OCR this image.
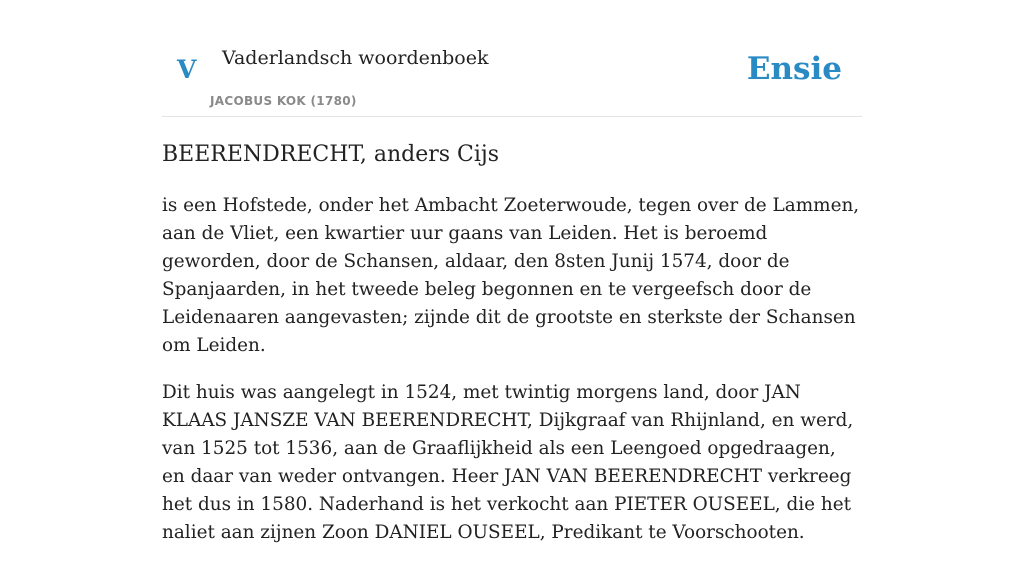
V Vaderlandsch woordenboek
JACOBUS KOK (1780)
Ensie
BEERENDRECHT, anders Cijs

is een Hofstede, onder het Ambacht Zoeterwoude, tegen over de Lammen, aan de Vliet, een kwartier uur gaans van Leiden. Het is beroemd geworden, door de Schansen, aldaar, den 8sten Junij 1574, door de Spanjaarden, in het tweede beleg begonnen en te vergeefsch door de Leidenaaren aangevasten; zijnde dit de grootste en sterkste der Schansen om Leiden.

Dit huis was aangelegt in 1524, met twintig morgens land, door JAN KLAAS JANSZE VAN BEERENDRECHT, Dijkgraaf van Rhijnland, en werd, van 1525 tot 1536, aan de Graaflijkheid als een Leengoed opgedraagen, en daar van weder ontvangen. Heer JAN VAN BEERENDRECHT verkreeg het dus in 1580. Naderhand is het verkocht aan PIETER OUSEEL, die het naliet aan zijnen Zoon DANIEL OUSEEL, Predikant te Voorschooten.
